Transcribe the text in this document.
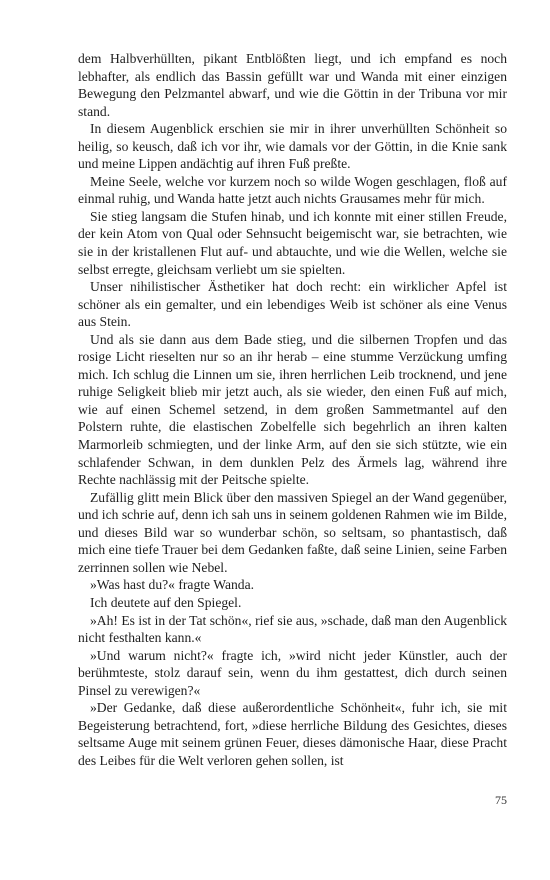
dem Halbverhüllten, pikant Entblößten liegt, und ich empfand es noch lebhafter, als endlich das Bassin gefüllt war und Wanda mit einer einzigen Bewegung den Pelzmantel abwarf, und wie die Göttin in der Tribuna vor mir stand.

In diesem Augenblick erschien sie mir in ihrer unverhüllten Schönheit so heilig, so keusch, daß ich vor ihr, wie damals vor der Göttin, in die Knie sank und meine Lippen andächtig auf ihren Fuß preßte.

Meine Seele, welche vor kurzem noch so wilde Wogen geschlagen, floß auf einmal ruhig, und Wanda hatte jetzt auch nichts Grausames mehr für mich.

Sie stieg langsam die Stufen hinab, und ich konnte mit einer stillen Freude, der kein Atom von Qual oder Sehnsucht beigemischt war, sie betrachten, wie sie in der kristallenen Flut auf- und abtauchte, und wie die Wellen, welche sie selbst erregte, gleichsam verliebt um sie spielten.

Unser nihilistischer Ästhetiker hat doch recht: ein wirklicher Apfel ist schöner als ein gemalter, und ein lebendiges Weib ist schöner als eine Venus aus Stein.

Und als sie dann aus dem Bade stieg, und die silbernen Tropfen und das rosige Licht rieselten nur so an ihr herab – eine stumme Verzückung umfing mich. Ich schlug die Linnen um sie, ihren herrlichen Leib trocknend, und jene ruhige Seligkeit blieb mir jetzt auch, als sie wieder, den einen Fuß auf mich, wie auf einen Schemel setzend, in dem großen Sammetmantel auf den Polstern ruhte, die elastischen Zobelfelle sich begehrlich an ihren kalten Marmorleib schmiegten, und der linke Arm, auf den sie sich stützte, wie ein schlafender Schwan, in dem dunklen Pelz des Ärmels lag, während ihre Rechte nachlässig mit der Peitsche spielte.

Zufällig glitt mein Blick über den massiven Spiegel an der Wand gegenüber, und ich schrie auf, denn ich sah uns in seinem goldenen Rahmen wie im Bilde, und dieses Bild war so wunderbar schön, so seltsam, so phantastisch, daß mich eine tiefe Trauer bei dem Gedanken faßte, daß seine Linien, seine Farben zerrinnen sollen wie Nebel.

»Was hast du?« fragte Wanda.

Ich deutete auf den Spiegel.

»Ah! Es ist in der Tat schön«, rief sie aus, »schade, daß man den Augenblick nicht festhalten kann.«

»Und warum nicht?« fragte ich, »wird nicht jeder Künstler, auch der berühmteste, stolz darauf sein, wenn du ihm gestattest, dich durch seinen Pinsel zu verewigen?«

»Der Gedanke, daß diese außerordentliche Schönheit«, fuhr ich, sie mit Begeisterung betrachtend, fort, »diese herrliche Bildung des Gesichtes, dieses seltsame Auge mit seinem grünen Feuer, dieses dämonische Haar, diese Pracht des Leibes für die Welt verloren gehen sollen, ist

75
